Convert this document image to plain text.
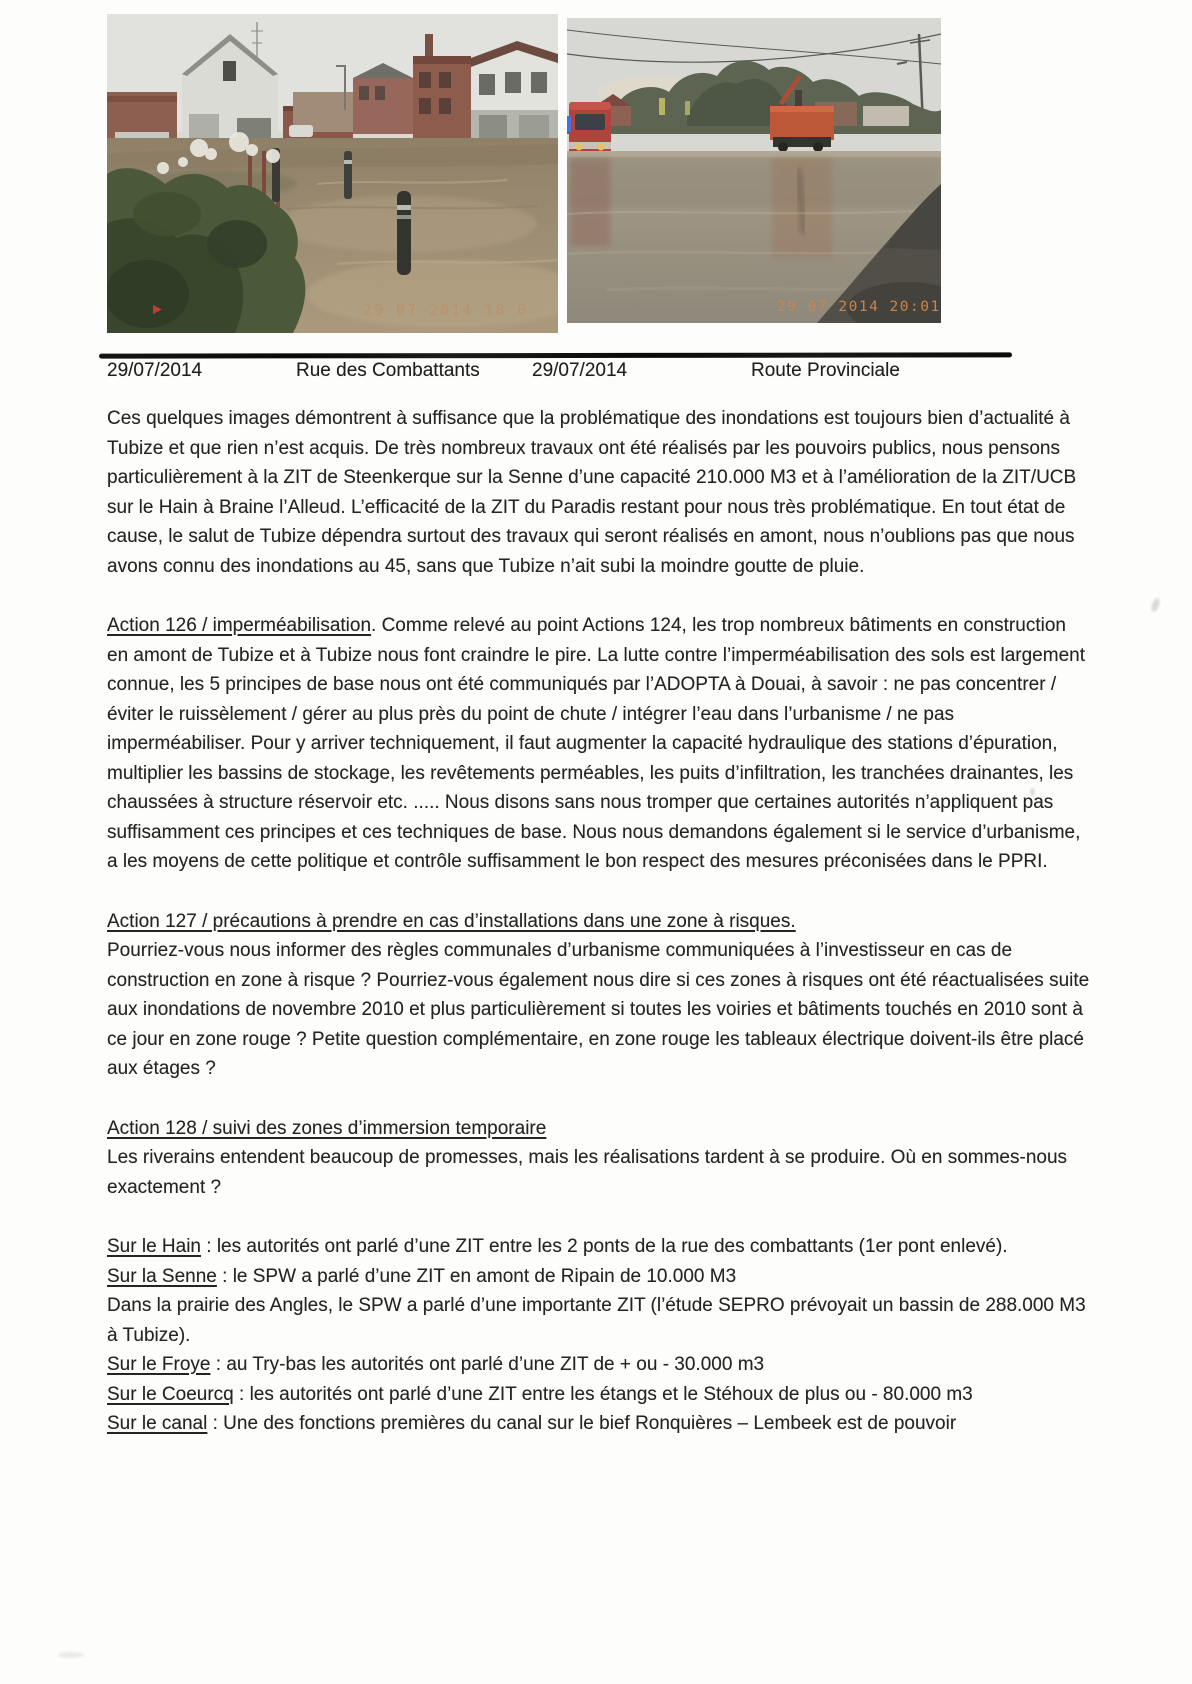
29 07 2014 18 0	29 07 2014 20:01
29/07/2014	Rue des Combattants	29/07/2014	Route Provinciale

Ces quelques images démontrent à suffisance que la problématique des inondations est toujours bien d’actualité à Tubize et que rien n’est acquis. De très nombreux travaux ont été réalisés par les pouvoirs publics, nous pensons particulièrement à la ZIT de Steenkerque sur la Senne d’une capacité 210.000 M3 et à l’amélioration de la ZIT/UCB sur le Hain à Braine l’Alleud. L’efficacité de la ZIT du Paradis restant pour nous très problématique. En tout état de cause, le salut de Tubize dépendra surtout des travaux qui seront réalisés en amont, nous n’oublions pas que nous avons connu des inondations au 45, sans que Tubize n’ait subi la moindre goutte de pluie.

Action 126 / imperméabilisation. Comme relevé au point Actions 124, les trop nombreux bâtiments en construction en amont de Tubize et à Tubize nous font craindre le pire. La lutte contre l’imperméabilisation des sols est largement connue, les 5 principes de base nous ont été communiqués par l’ADOPTA à Douai, à savoir : ne pas concentrer / éviter le ruissèlement / gérer au plus près du point de chute / intégrer l’eau dans l’urbanisme / ne pas imperméabiliser. Pour y arriver techniquement, il faut augmenter la capacité hydraulique des stations d’épuration, multiplier les bassins de stockage, les revêtements perméables, les puits d’infiltration, les tranchées drainantes, les chaussées à structure réservoir etc. ..... Nous disons sans nous tromper que certaines autorités n’appliquent pas suffisamment ces principes et ces techniques de base. Nous nous demandons également si le service d’urbanisme, a les moyens de cette politique et contrôle suffisamment le bon respect des mesures préconisées dans le PPRI.

Action 127 / précautions à prendre en cas d’installations dans une zone à risques.
Pourriez-vous nous informer des règles communales d’urbanisme communiquées à l’investisseur en cas de construction en zone à risque ? Pourriez-vous également nous dire si ces zones à risques ont été réactualisées suite aux inondations de novembre 2010 et plus particulièrement si toutes les voiries et bâtiments touchés en 2010 sont à ce jour en zone rouge ? Petite question complémentaire, en zone rouge les tableaux électrique doivent-ils être placé aux étages ?

Action 128 / suivi des zones d’immersion temporaire
Les riverains entendent beaucoup de promesses, mais les réalisations tardent à se produire. Où en sommes-nous exactement ?

Sur le Hain : les autorités ont parlé d’une ZIT entre les 2 ponts de la rue des combattants (1er pont enlevé).
Sur la Senne : le SPW a parlé d’une ZIT en amont de Ripain de 10.000 M3
Dans la prairie des Angles, le SPW a parlé d’une importante ZIT (l’étude SEPRO prévoyait un bassin de 288.000 M3 à Tubize).
Sur le Froye : au Try-bas les autorités ont parlé d’une ZIT de + ou - 30.000 m3
Sur le Coeurcq : les autorités ont parlé d’une ZIT entre les étangs et le Stéhoux de plus ou - 80.000 m3
Sur le canal : Une des fonctions premières du canal sur le bief Ronquières – Lembeek est de pouvoir
